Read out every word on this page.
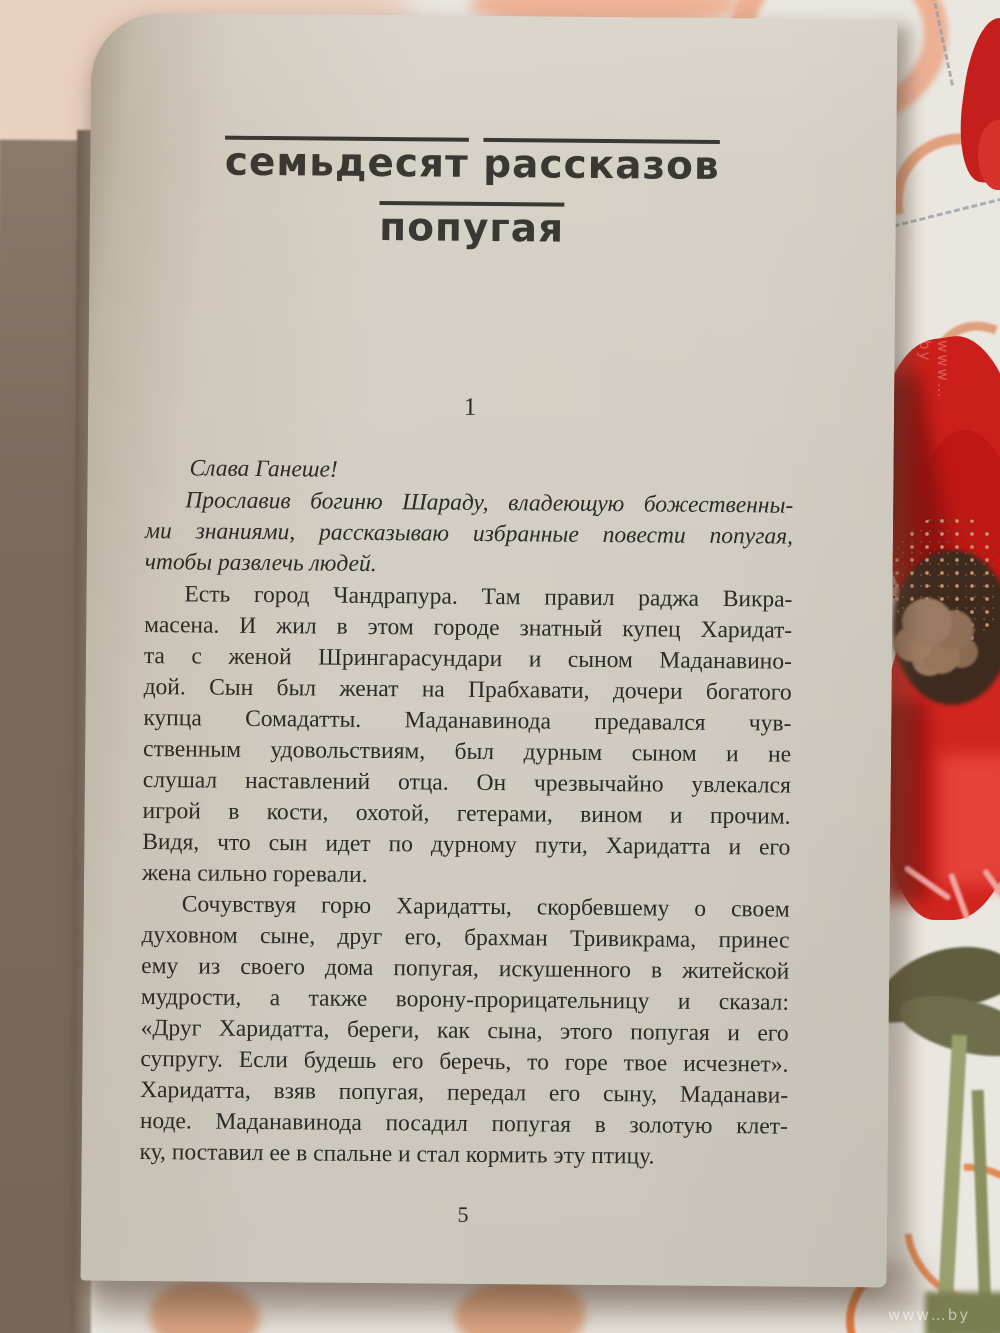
семьдесят рассказов
попугая
1
Слава Ганеше!
Прославив богиню Шараду, владеющую божественны-
ми знаниями, рассказываю избранные повести попугая,
чтобы развлечь людей.
Есть город Чандрапура. Там правил раджа Викра-
масена. И жил в этом городе знатный купец Харидат-
та с женой Шрингарасундари и сыном Маданавино-
дой. Сын был женат на Прабхавати, дочери богатого
купца Сомадатты. Маданавинода предавался чув-
ственным удовольствиям, был дурным сыном и не
слушал наставлений отца. Он чрезвычайно увлекался
игрой в кости, охотой, гетерами, вином и прочим.
Видя, что сын идет по дурному пути, Харидатта и его
жена сильно горевали.
Сочувствуя горю Харидатты, скорбевшему о своем
духовном сыне, друг его, брахман Тривикрама, принес
ему из своего дома попугая, искушенного в житейской
мудрости, а также ворону-прорицательницу и сказал:
«Друг Харидатта, береги, как сына, этого попугая и его
супругу. Если будешь его беречь, то горе твое исчезнет».
Харидатта, взяв попугая, передал его сыну, Маданави-
ноде. Маданавинода посадил попугая в золотую клет-
ку, поставил ее в спальне и стал кормить эту птицу.
5
www…by
www…by
